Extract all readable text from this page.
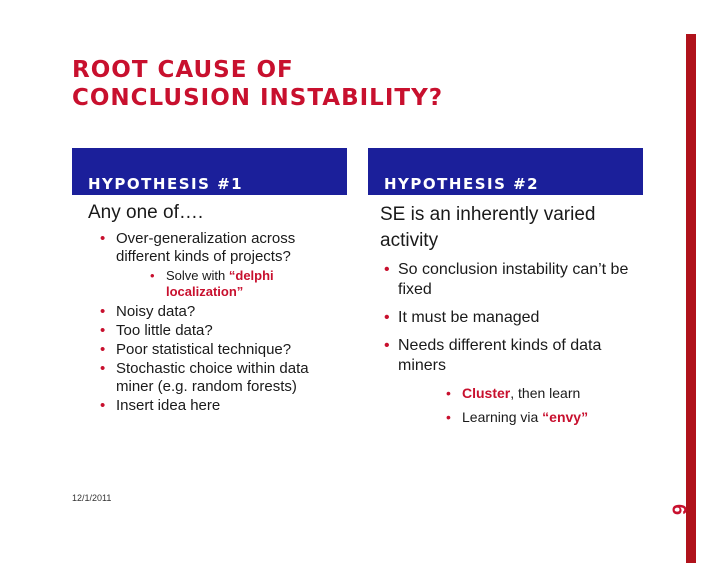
ROOT CAUSE OF
CONCLUSION INSTABILITY?
HYPOTHESIS #1	HYPOTHESIS #2

Any one of….

• Over-generalization across different kinds of projects?
• Solve with “delphi localization”
• Noisy data?
• Too little data?
• Poor statistical technique?
• Stochastic choice within data miner (e.g. random forests)
• Insert idea here

SE is an inherently varied activity

• So conclusion instability can’t be fixed
• It must be managed
• Needs different kinds of data miners
• Cluster, then learn
• Learning via “envy”
12/1/2011
6
